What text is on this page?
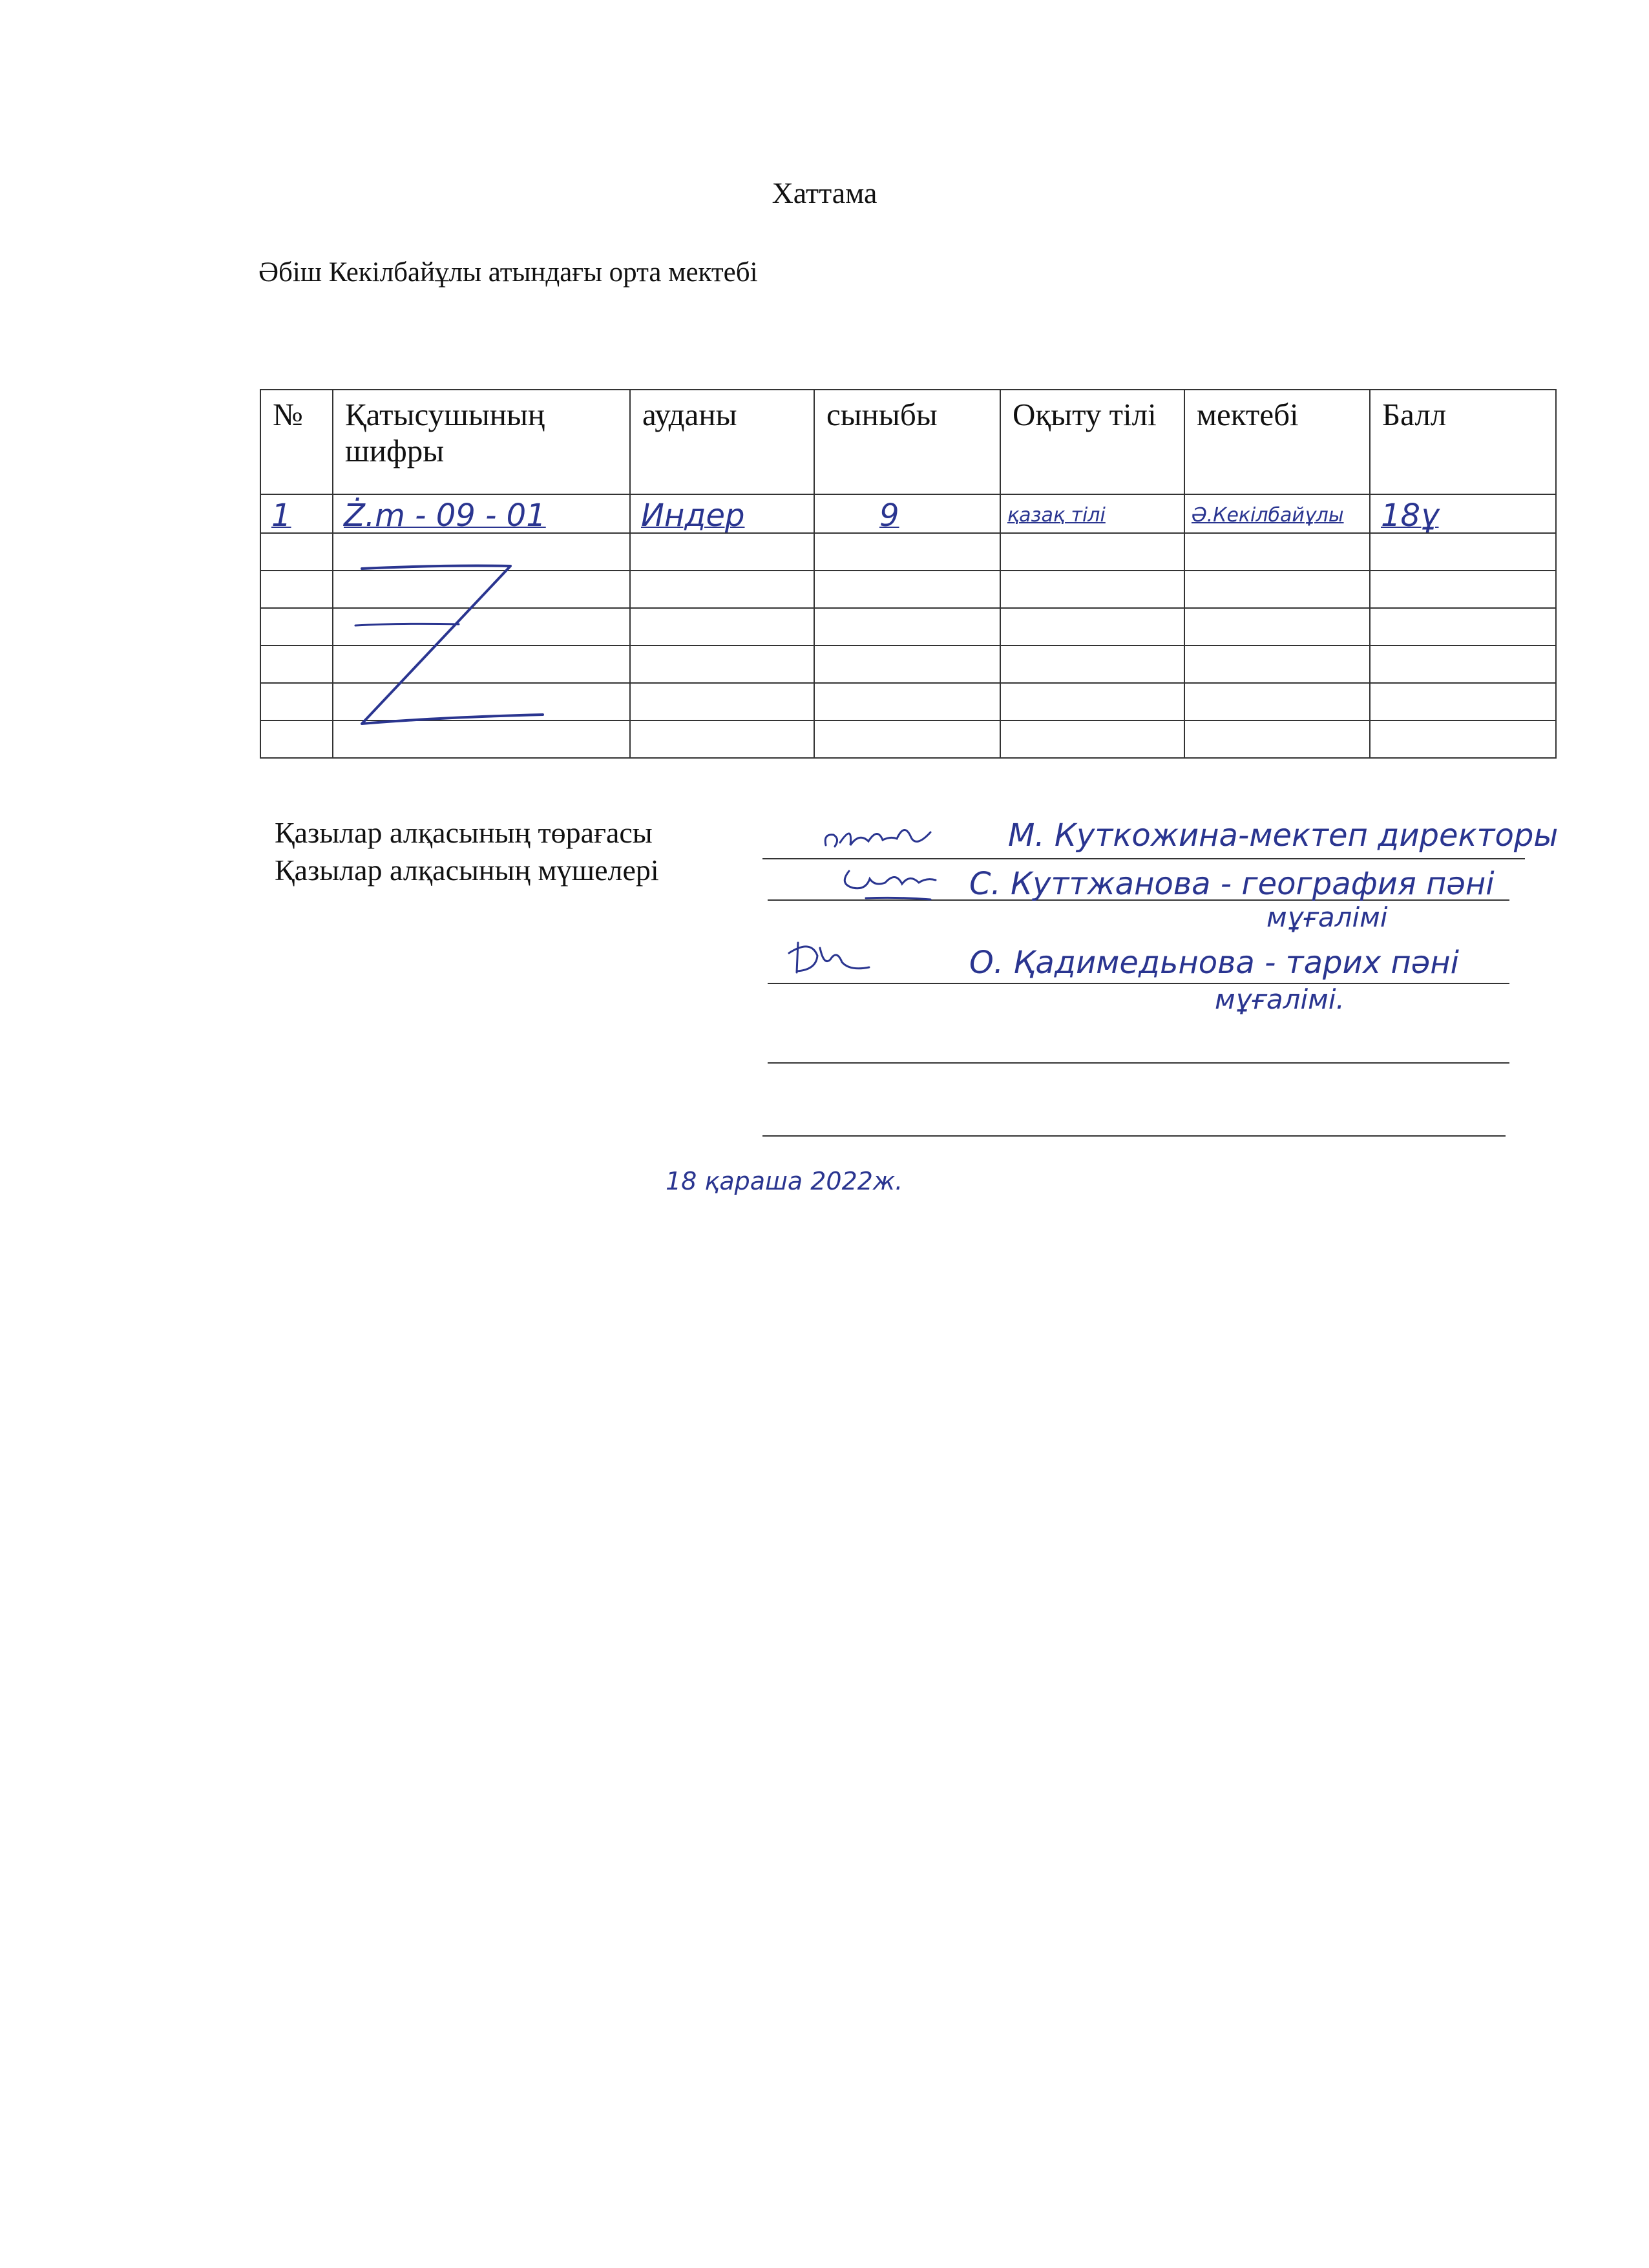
Хаттама
Әбіш Кекілбайұлы атындағы орта мектебі
№	Қатысушының шифры	ауданы	сыныбы	Оқыту тілі	мектебі	Балл

1	Ż.m - 09 - 01	Индер	9	қазақ тілі	Ә.Кекілбайұлы	18ұ

Қазылар алқасының төрағасы
Қазылар алқасының мүшелері
М. Куткожина-мектеп директоры
С. Куттжанова - география пәні
мұғалімі
О. Қадимедьнова - тарих пәні
мұғалімі.
18 қараша 2022ж.
